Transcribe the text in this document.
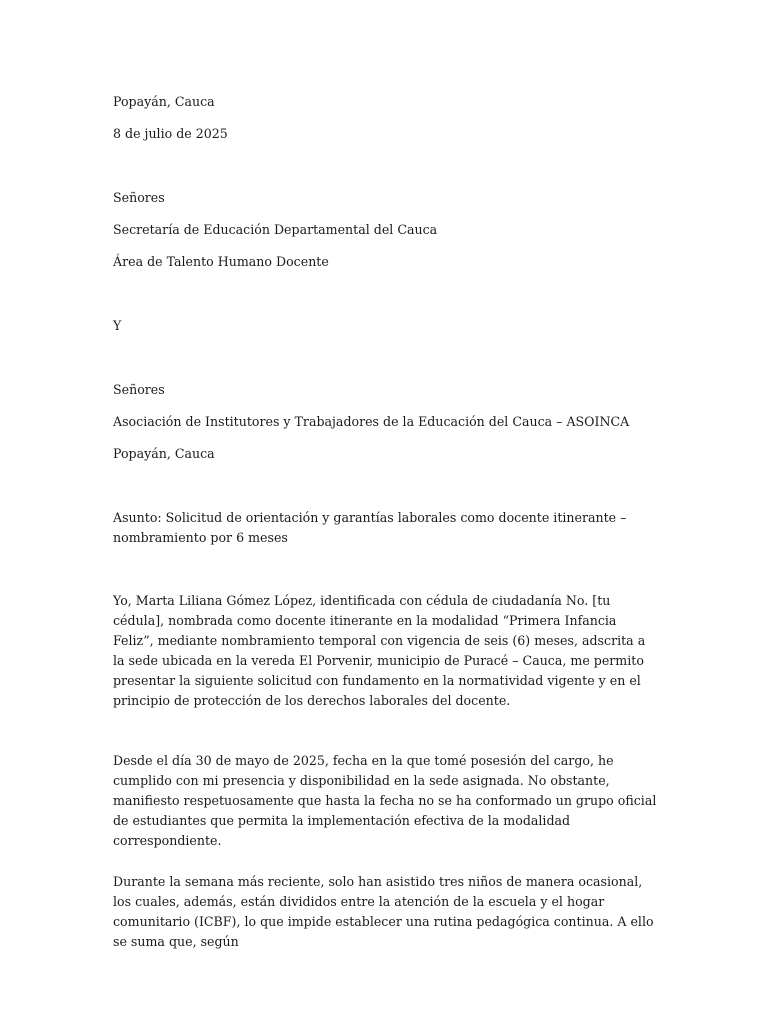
Popayán, Cauca

8 de julio de 2025

Señores

Secretaría de Educación Departamental del Cauca

Área de Talento Humano Docente

Y

Señores

Asociación de Institutores y Trabajadores de la Educación del Cauca – ASOINCA

Popayán, Cauca

Asunto: Solicitud de orientación y garantías laborales como docente itinerante – nombramiento por 6 meses

Yo, Marta Liliana Gómez López, identificada con cédula de ciudadanía No. [tu cédula], nombrada como docente itinerante en la modalidad “Primera Infancia Feliz”, mediante nombramiento temporal con vigencia de seis (6) meses, adscrita a la sede ubicada en la vereda El Porvenir, municipio de Puracé – Cauca, me permito presentar la siguiente solicitud con fundamento en la normatividad vigente y en el principio de protección de los derechos laborales del docente.

Desde el día 30 de mayo de 2025, fecha en la que tomé posesión del cargo, he cumplido con mi presencia y disponibilidad en la sede asignada. No obstante, manifiesto respetuosamente que hasta la fecha no se ha conformado un grupo oficial de estudiantes que permita la implementación efectiva de la modalidad correspondiente.

Durante la semana más reciente, solo han asistido tres niños de manera ocasional, los cuales, además, están divididos entre la atención de la escuela y el hogar comunitario (ICBF), lo que impide establecer una rutina pedagógica continua. A ello se suma que, según
